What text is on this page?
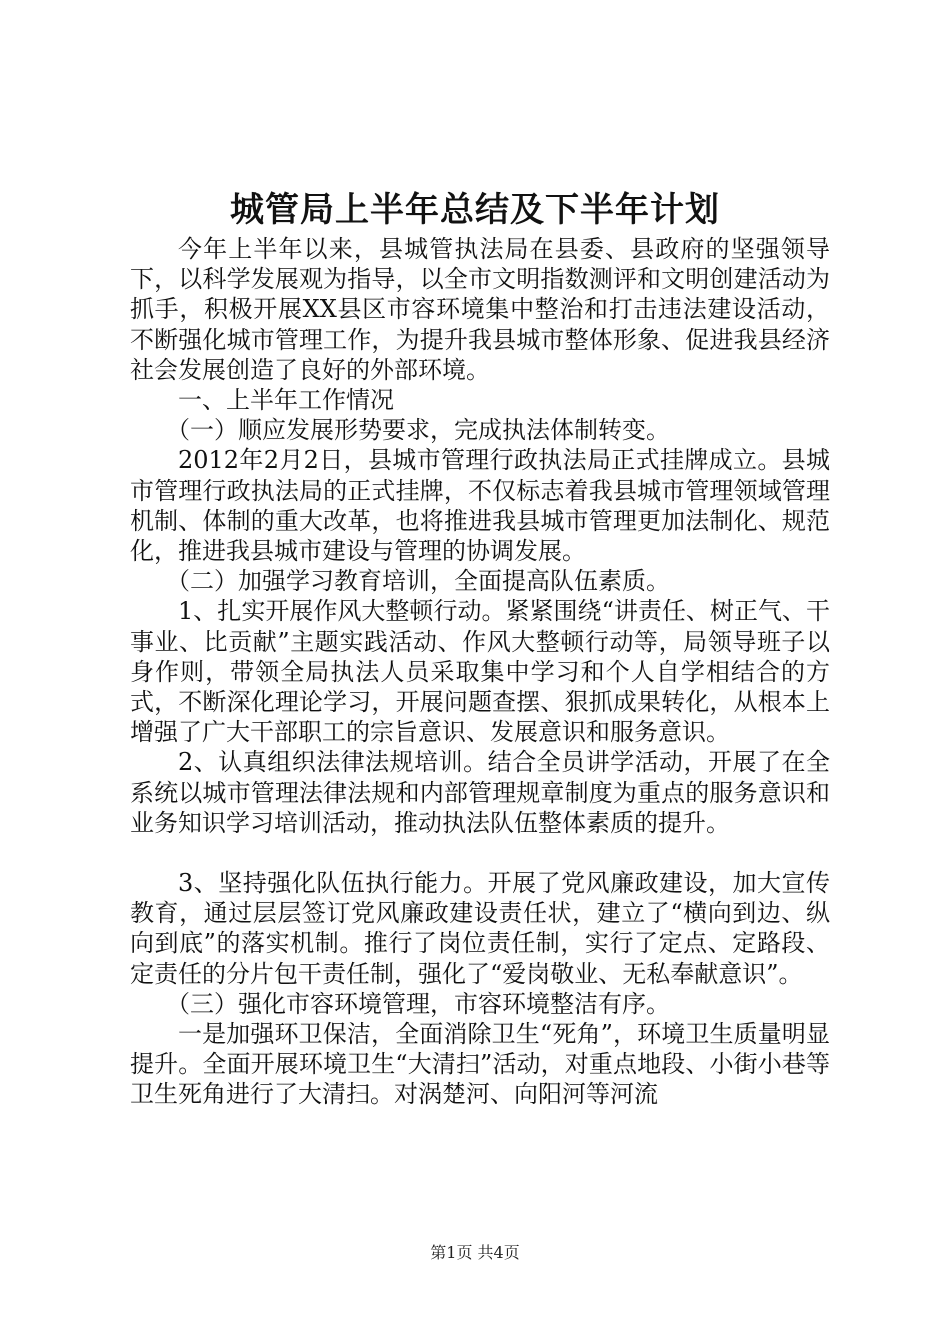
城管局上半年总结及下半年计划

今年上半年以来，县城管执法局在县委、县政府的坚强领导下，以科学发展观为指导，以全市文明指数测评和文明创建活动为抓手，积极开展XX县区市容环境集中整治和打击违法建设活动，不断强化城市管理工作，为提升我县城市整体形象、促进我县经济社会发展创造了良好的外部环境。

一、上半年工作情况

（一）顺应发展形势要求，完成执法体制转变。

2012年2月2日，县城市管理行政执法局正式挂牌成立。县城市管理行政执法局的正式挂牌，不仅标志着我县城市管理领域管理机制、体制的重大改革，也将推进我县城市管理更加法制化、规范化，推进我县城市建设与管理的协调发展。

（二）加强学习教育培训，全面提高队伍素质。

1、扎实开展作风大整顿行动。紧紧围绕“讲责任、树正气、干事业、比贡献”主题实践活动、作风大整顿行动等，局领导班子以身作则，带领全局执法人员采取集中学习和个人自学相结合的方式，不断深化理论学习，开展问题查摆、狠抓成果转化，从根本上增强了广大干部职工的宗旨意识、发展意识和服务意识。

2、认真组织法律法规培训。结合全员讲学活动，开展了在全系统以城市管理法律法规和内部管理规章制度为重点的服务意识和业务知识学习培训活动，推动执法队伍整体素质的提升。

3、坚持强化队伍执行能力。开展了党风廉政建设，加大宣传教育，通过层层签订党风廉政建设责任状，建立了“横向到边、纵向到底”的落实机制。推行了岗位责任制，实行了定点、定路段、定责任的分片包干责任制，强化了“爱岗敬业、无私奉献意识”。

（三）强化市容环境管理，市容环境整洁有序。

一是加强环卫保洁，全面消除卫生“死角”，环境卫生质量明显提升。全面开展环境卫生“大清扫”活动，对重点地段、小街小巷等卫生死角进行了大清扫。对涡楚河、向阳河等河流

第1页 共4页
